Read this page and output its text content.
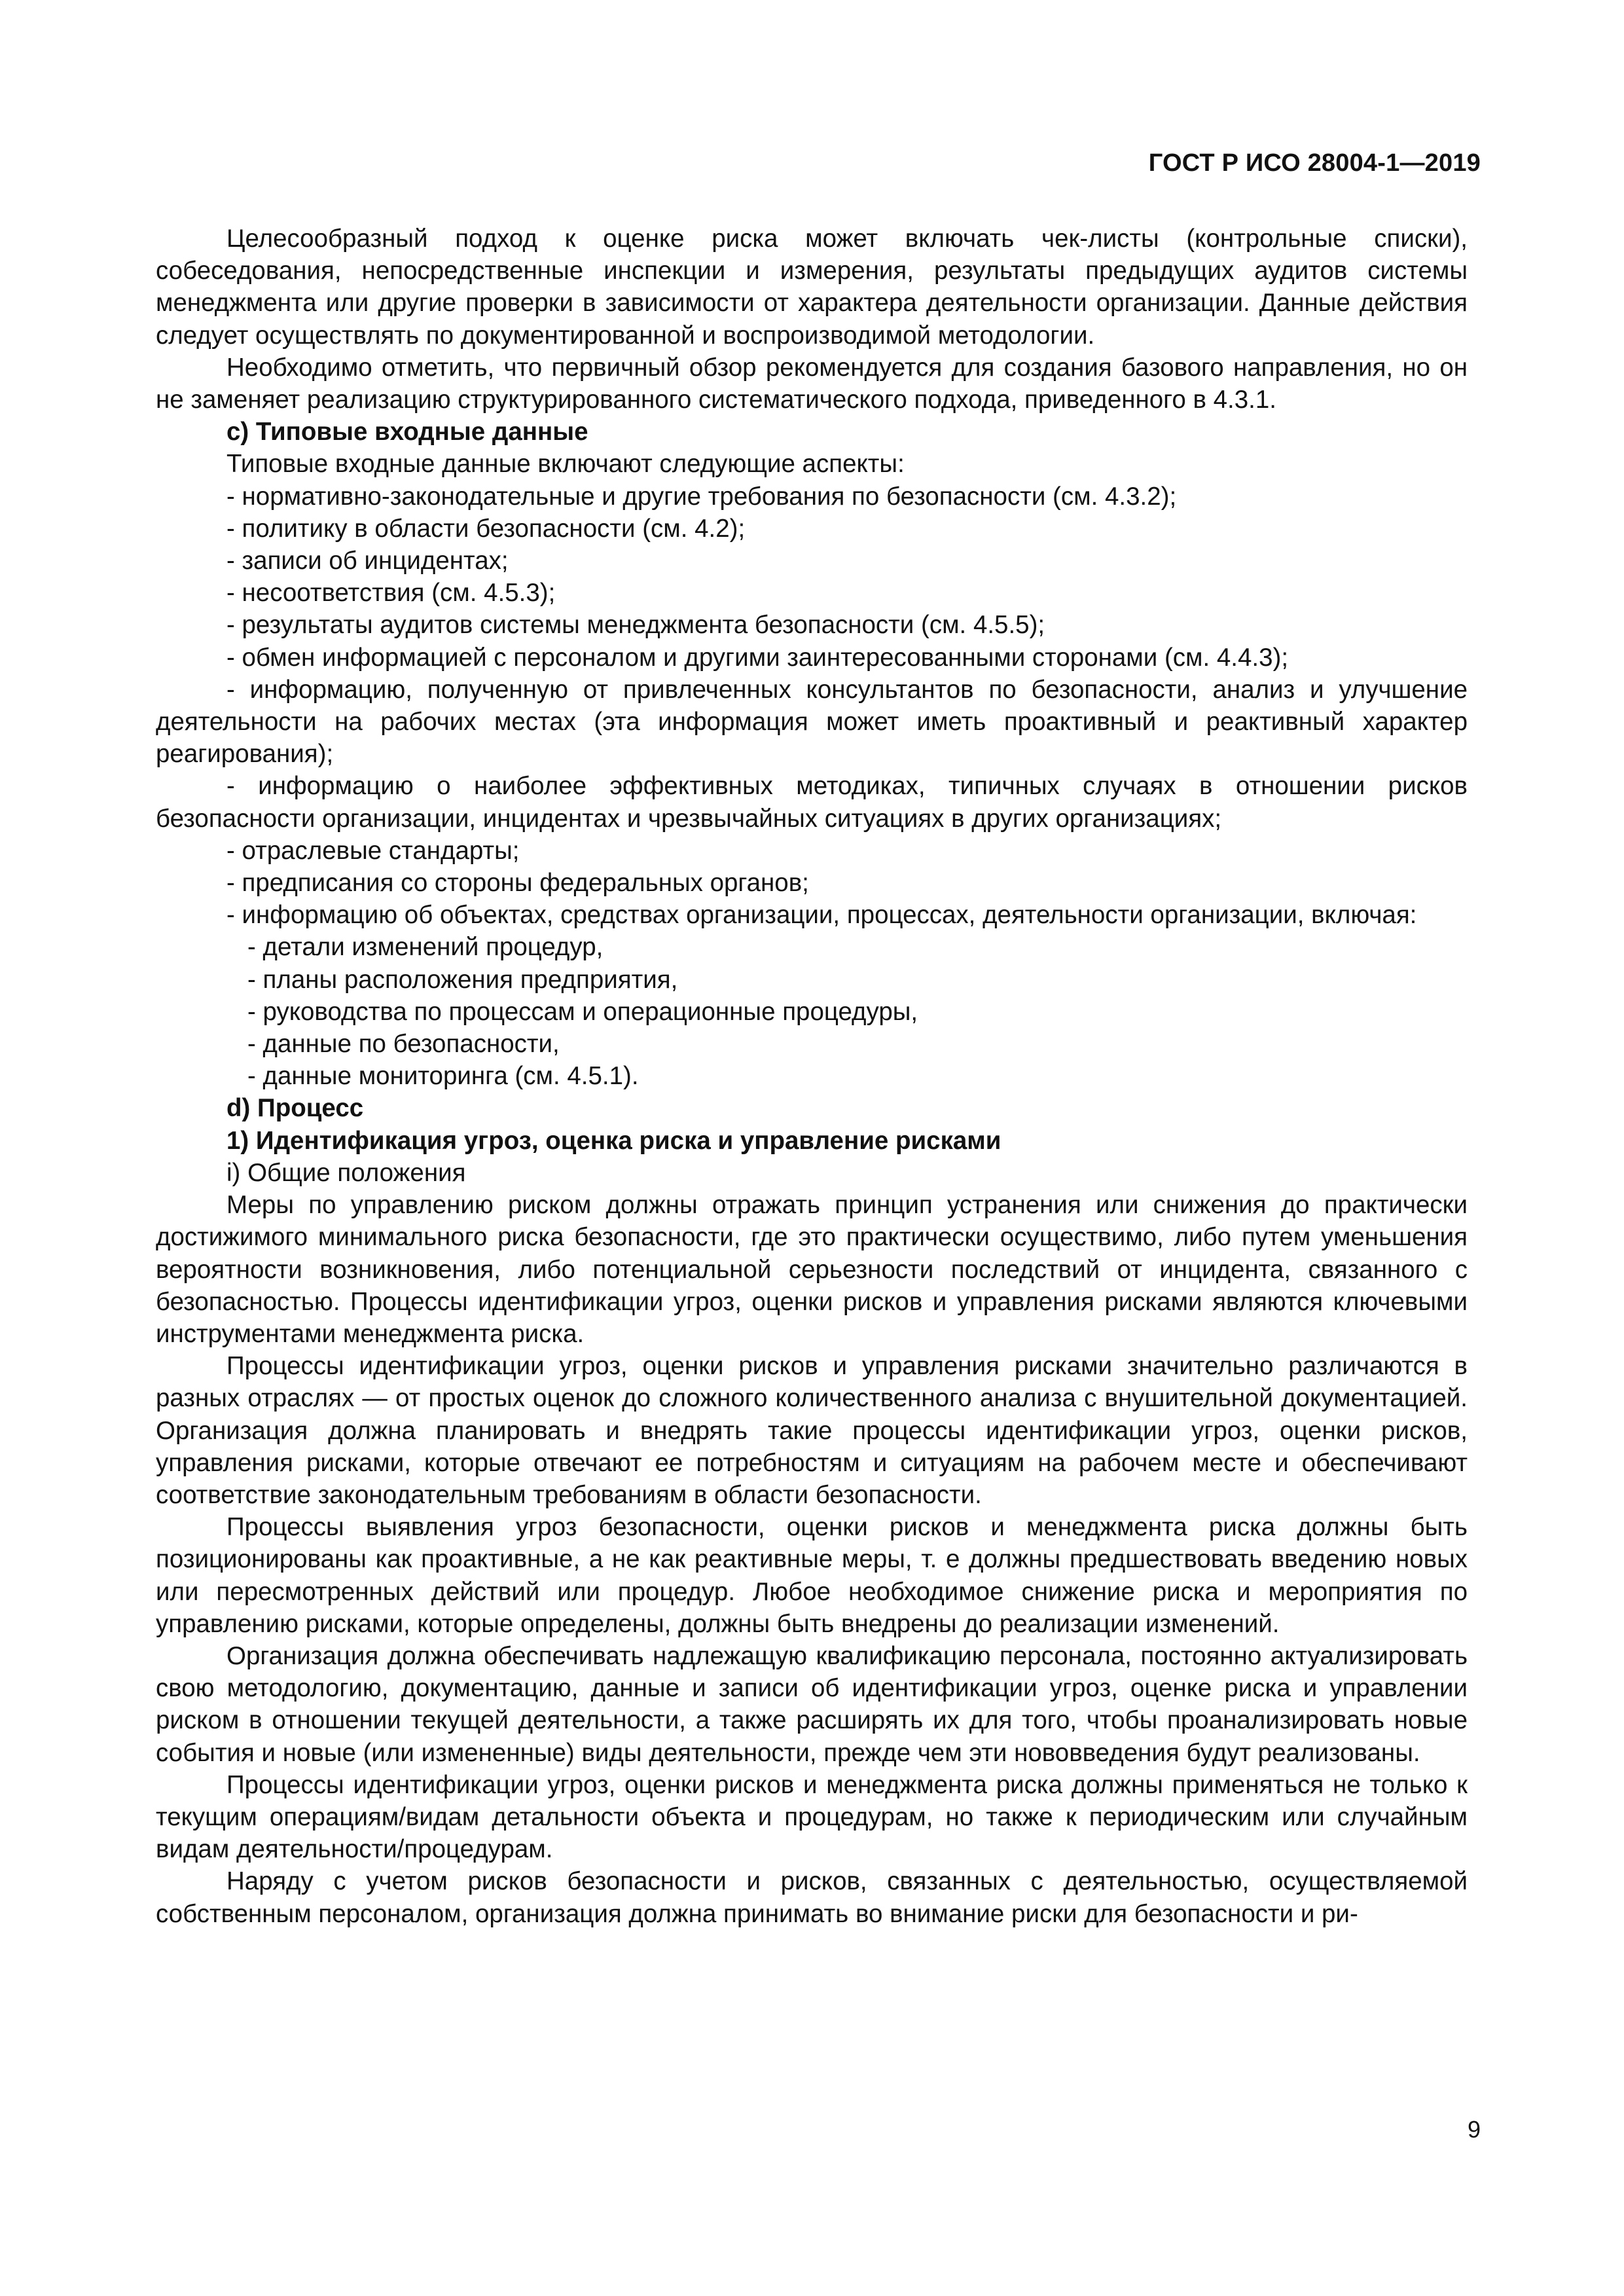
ГОСТ Р ИСО 28004-1—2019

Целесообразный подход к оценке риска может включать чек-листы (контрольные списки), собеседования, непосредственные инспекции и измерения, результаты предыдущих аудитов системы менеджмента или другие проверки в зависимости от характера деятельности организации. Данные действия следует осуществлять по документированной и воспроизводимой методологии.

Необходимо отметить, что первичный обзор рекомендуется для создания базового направления, но он не заменяет реализацию структурированного систематического подхода, приведенного в 4.3.1.

с) Типовые входные данные
Типовые входные данные включают следующие аспекты:
- нормативно-законодательные и другие требования по безопасности (см. 4.3.2);
- политику в области безопасности (см. 4.2);
- записи об инцидентах;
- несоответствия (см. 4.5.3);
- результаты аудитов системы менеджмента безопасности (см. 4.5.5);
- обмен информацией с персоналом и другими заинтересованными сторонами (см. 4.4.3);

- информацию, полученную от привлеченных консультантов по безопасности, анализ и улучшение деятельности на рабочих местах (эта информация может иметь проактивный и реактивный характер реагирования);

- информацию о наиболее эффективных методиках, типичных случаях в отношении рисков безопасности организации, инцидентах и чрезвычайных ситуациях в других организациях;

- отраслевые стандарты;
- предписания со стороны федеральных органов;

- информацию об объектах, средствах организации, процессах, деятельности организации, включая:

- детали изменений процедур,
- планы расположения предприятия,
- руководства по процессам и операционные процедуры,
- данные по безопасности,
- данные мониторинга (см. 4.5.1).
d) Процесс
1) Идентификация угроз, оценка риска и управление рисками
i) Общие положения

Меры по управлению риском должны отражать принцип устранения или снижения до практически достижимого минимального риска безопасности, где это практически осуществимо, либо путем уменьшения вероятности возникновения, либо потенциальной серьезности последствий от инцидента, связанного с безопасностью. Процессы идентификации угроз, оценки рисков и управления рисками являются ключевыми инструментами менеджмента риска.

Процессы идентификации угроз, оценки рисков и управления рисками значительно различаются в разных отраслях — от простых оценок до сложного количественного анализа с внушительной документацией. Организация должна планировать и внедрять такие процессы идентификации угроз, оценки рисков, управления рисками, которые отвечают ее потребностям и ситуациям на рабочем месте и обеспечивают соответствие законодательным требованиям в области безопасности.

Процессы выявления угроз безопасности, оценки рисков и менеджмента риска должны быть позиционированы как проактивные, а не как реактивные меры, т. е должны предшествовать введению новых или пересмотренных действий или процедур. Любое необходимое снижение риска и мероприятия по управлению рисками, которые определены, должны быть внедрены до реализации изменений.

Организация должна обеспечивать надлежащую квалификацию персонала, постоянно актуализировать свою методологию, документацию, данные и записи об идентификации угроз, оценке риска и управлении риском в отношении текущей деятельности, а также расширять их для того, чтобы проанализировать новые события и новые (или измененные) виды деятельности, прежде чем эти нововведения будут реализованы.

Процессы идентификации угроз, оценки рисков и менеджмента риска должны применяться не только к текущим операциям/видам детальности объекта и процедурам, но также к периодическим или случайным видам деятельности/процедурам.

Наряду с учетом рисков безопасности и рисков, связанных с деятельностью, осуществляемой собственным персоналом, организация должна принимать во внимание риски для безопасности и ри-

9
